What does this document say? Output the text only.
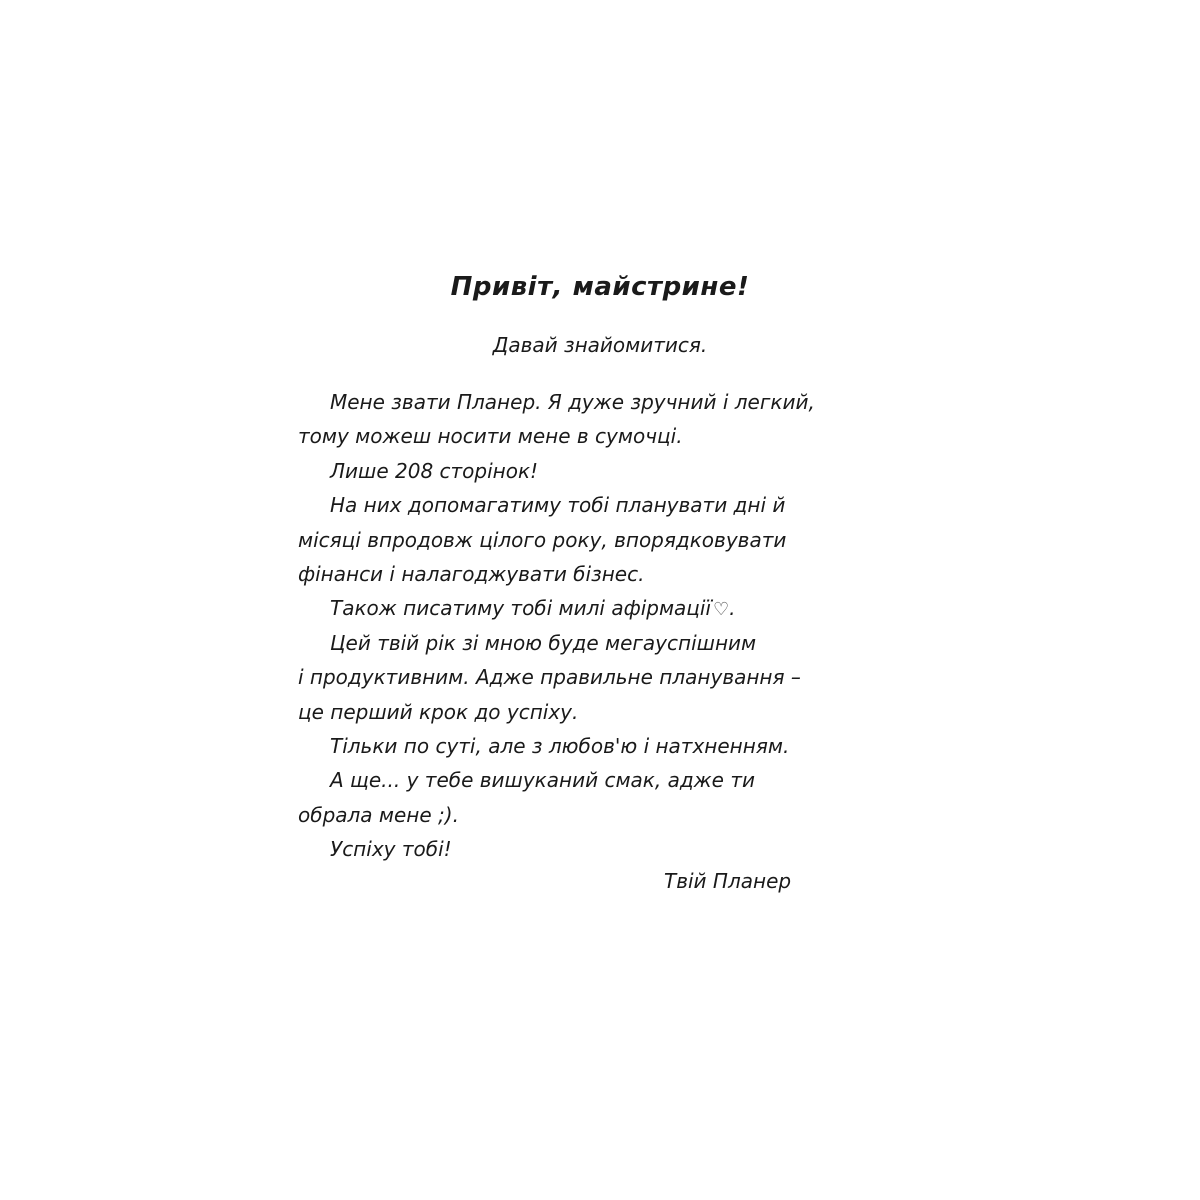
Привіт, майстрине!
Давай знайомитися.
Мене звати Планер. Я дуже зручний і легкий,
тому можеш носити мене в сумочці.
Лише 208 сторінок!
На них допомагатиму тобі планувати дні й
місяці впродовж цілого року, впорядковувати
фінанси і налагоджувати бізнес.
Також писатиму тобі милі афірмації ♡.
Цей твій рік зі мною буде мегауспішним
і продуктивним. Адже правильне планування –
це перший крок до успіху.
Тільки по суті, але з любов'ю і натхненням.
А ще... у тебе вишуканий смак, адже ти
обрала мене ;).
Успіху тобі!
Твій Планер
